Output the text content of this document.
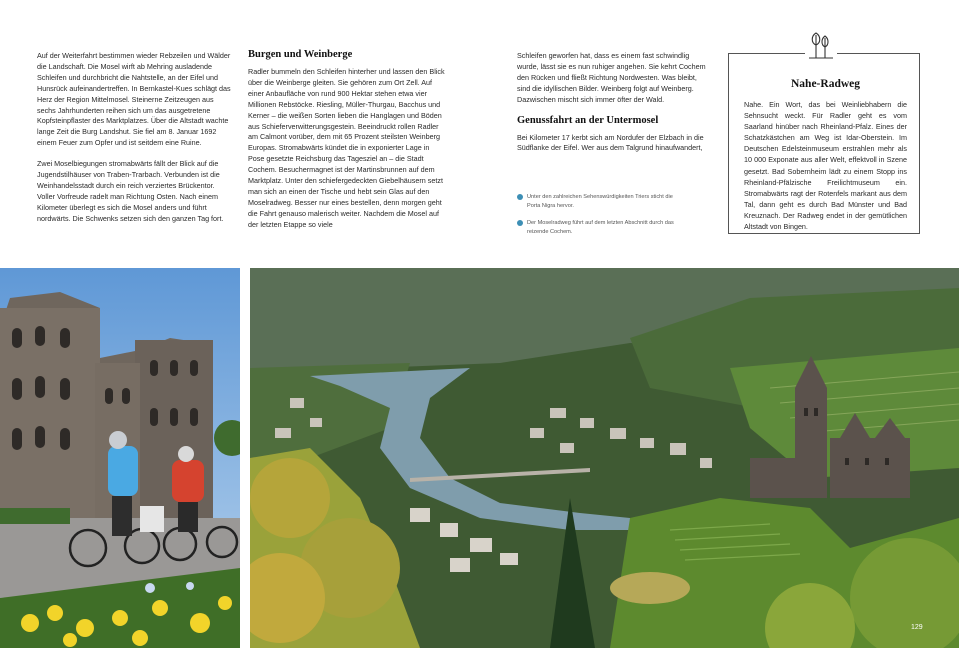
Auf der Weiterfahrt bestimmen wieder Rebzeilen und Wälder die Landschaft. Die Mosel wirft ab Mehring ausladende Schleifen und durchbricht die Nahtstelle, an der Eifel und Hunsrück aufeinandertreffen. In Bernkastel-Kues schlägt das Herz der Region Mittelmosel. Steinerne Zeitzeugen aus sechs Jahrhunderten reihen sich um das ausgetretene Kopfsteinpflaster des Marktplatzes. Über die Altstadt wachte lange Zeit die Burg Landshut. Sie fiel am 8. Januar 1692 einem Feuer zum Opfer und ist seitdem eine Ruine.

Zwei Moselbiegungen stromabwärts fällt der Blick auf die Jugendstilhäuser von Traben-Trarbach. Verbunden ist die Weinhandelsstadt durch ein reich verziertes Brückentor. Voller Vorfreude radelt man Richtung Osten. Nach einem Kilometer überlegt es sich die Mosel anders und führt nordwärts. Die Schwenks setzen sich den ganzen Tag fort.

Burgen und Weinberge

Radler bummeln den Schleifen hinterher und lassen den Blick über die Weinberge gleiten. Sie gehören zum Ort Zell. Auf einer Anbaufläche von rund 900 Hektar stehen etwa vier Millionen Rebstöcke. Riesling, Müller-Thurgau, Bacchus und Kerner – die weißen Sorten lieben die Hanglagen und Böden aus Schieferverwitterungsgestein. Beeindruckt rollen Radler am Calmont vorüber, dem mit 65 Prozent steilsten Weinberg Europas. Stromabwärts kündet die in exponierter Lage in Pose gesetzte Reichsburg das Tagesziel an – die Stadt Cochem. Besuchermagnet ist der Martinsbrunnen auf dem Marktplatz. Unter den schiefergedeckten Giebelhäusern setzt man sich an einen der Tische und hebt sein Glas auf den Moselradweg. Besser nur eines bestellen, denn morgen geht die Fahrt genauso malerisch weiter. Nachdem die Mosel auf der letzten Etappe so viele

Schleifen geworfen hat, dass es einem fast schwindlig wurde, lässt sie es nun ruhiger angehen. Sie kehrt Cochem den Rücken und fließt Richtung Nordwesten. Was bleibt, sind die idyllischen Bilder. Weinberg folgt auf Weinberg. Dazwischen mischt sich immer öfter der Wald.

Genussfahrt an der Untermosel

Bei Kilometer 17 kerbt sich am Nordufer der Elzbach in die Südflanke der Eifel. Wer aus dem Talgrund hinaufwandert,

Unter den zahlreichen Sehenswürdigkeiten Triers sticht die Porta Nigra hervor.
Der Moselradweg führt auf dem letzten Abschnitt durch das reizende Cochem.
Nahe-Radweg
Nahe. Ein Wort, das bei Weinliebhabern die Sehnsucht weckt. Für Radler geht es vom Saarland hinüber nach Rheinland-Pfalz. Eines der Schatzkästchen am Weg ist Idar-Oberstein. Im Deutschen Edelsteinmuseum erstrahlen mehr als 10 000 Exponate aus aller Welt, effektvoll in Szene gesetzt. Bad Sobernheim lädt zu einem Stopp ins Rheinland-Pfälzische Freilichtmuseum ein. Stromabwärts ragt der Rotenfels markant aus dem Tal, dann geht es durch Bad Münster und Bad Kreuznach. Der Radweg endet in der gemütlichen Altstadt von Bingen.
129
